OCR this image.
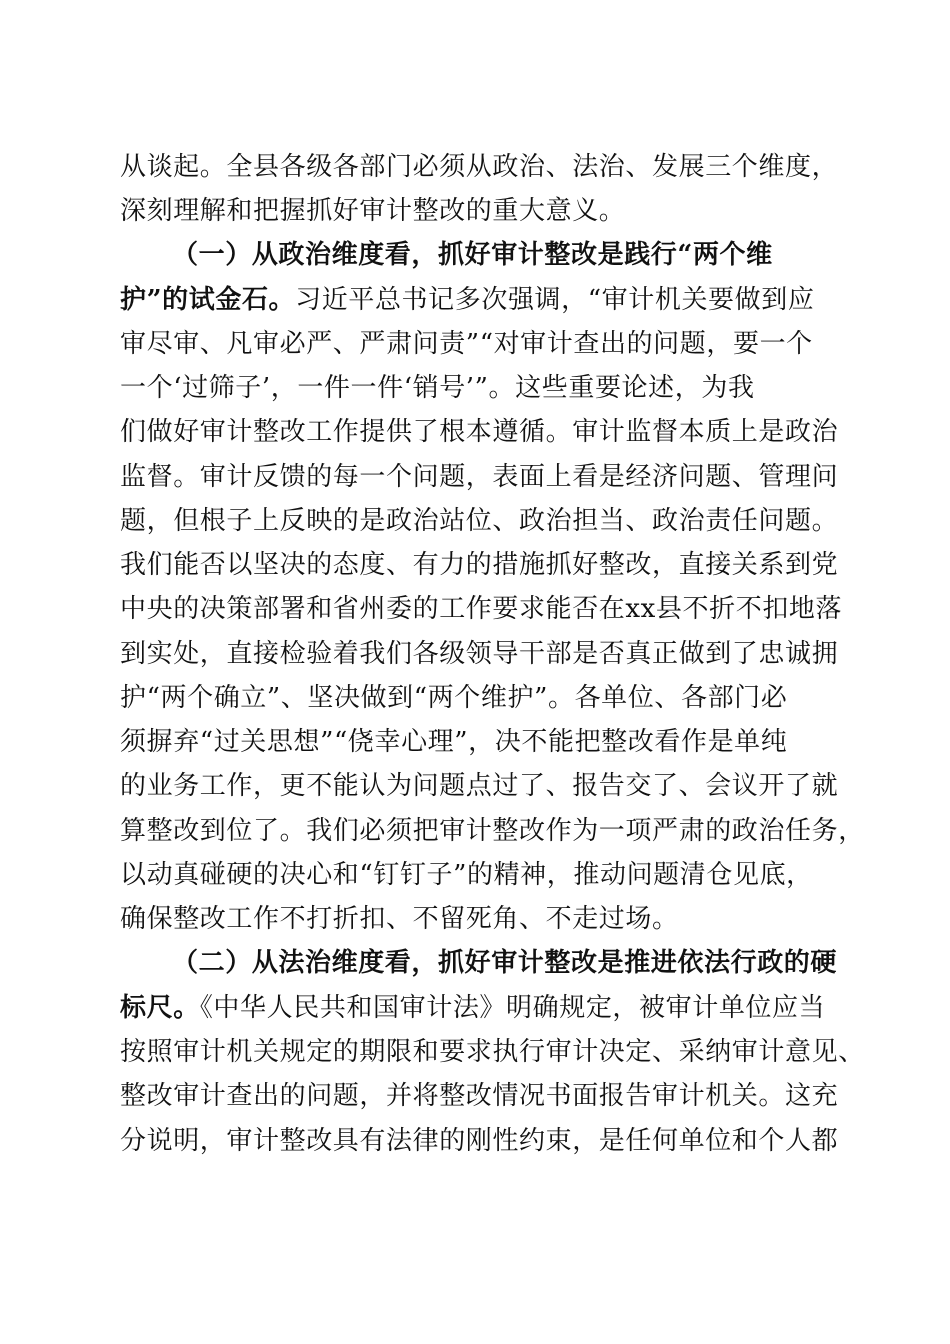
从谈起。全县各级各部门必须从政治、法治、发展三个维度，
深刻理解和把握抓好审计整改的重大意义。
（一）从政治维度看，抓好审计整改是践行“两个维
护”的试金石。习近平总书记多次强调，“审计机关要做到应
审尽审、凡审必严、严肃问责”“对审计查出的问题，要一个
一个‘过筛子’，一件一件‘销号’”。这些重要论述，为我
们做好审计整改工作提供了根本遵循。审计监督本质上是政治
监督。审计反馈的每一个问题，表面上看是经济问题、管理问
题，但根子上反映的是政治站位、政治担当、政治责任问题。
我们能否以坚决的态度、有力的措施抓好整改，直接关系到党
中央的决策部署和省州委的工作要求能否在xx县不折不扣地落
到实处，直接检验着我们各级领导干部是否真正做到了忠诚拥
护“两个确立”、坚决做到“两个维护”。各单位、各部门必
须摒弃“过关思想”“侥幸心理”，决不能把整改看作是单纯
的业务工作，更不能认为问题点过了、报告交了、会议开了就
算整改到位了。我们必须把审计整改作为一项严肃的政治任务，
以动真碰硬的决心和“钉钉子”的精神，推动问题清仓见底，
确保整改工作不打折扣、不留死角、不走过场。
（二）从法治维度看，抓好审计整改是推进依法行政的硬
标尺。《中华人民共和国审计法》明确规定，被审计单位应当
按照审计机关规定的期限和要求执行审计决定、采纳审计意见、
整改审计查出的问题，并将整改情况书面报告审计机关。这充
分说明，审计整改具有法律的刚性约束，是任何单位和个人都
